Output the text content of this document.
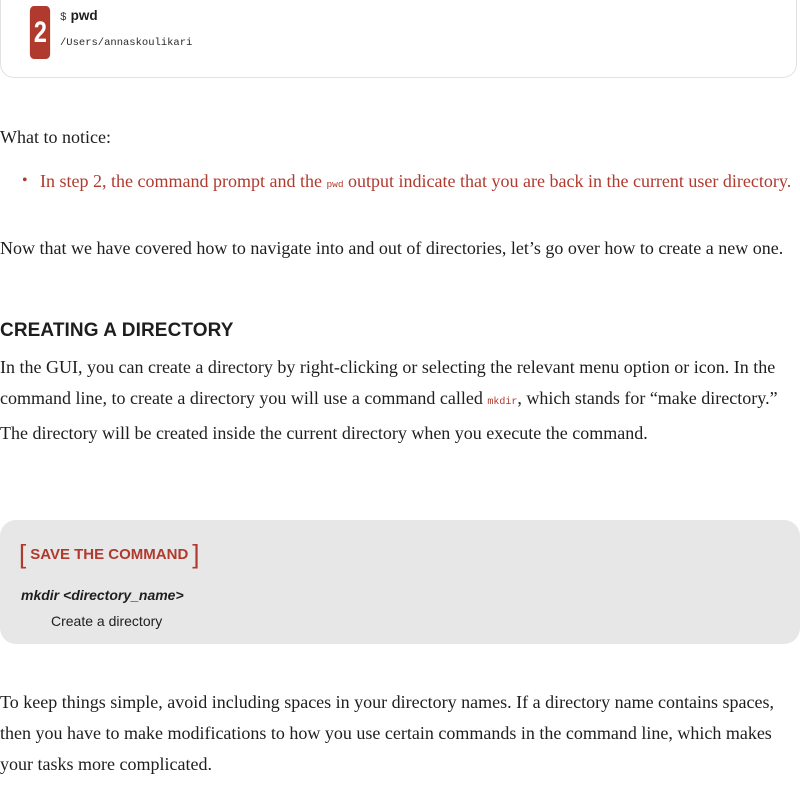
2	$ pwd
/Users/annaskoulikari

What to notice:

• In step 2, the command prompt and the pwd output indicate that you are back in the current user directory.

Now that we have covered how to navigate into and out of directories, let’s go over how to create a new one.

CREATING A DIRECTORY

In the GUI, you can create a directory by right-clicking or selecting the relevant menu option or icon. In the command line, to create a directory you will use a command called mkdir, which stands for “make directory.” The directory will be created inside the current directory when you execute the command.

[ SAVE THE COMMAND ]
mkdir <directory_name>
Create a directory

To keep things simple, avoid including spaces in your directory names. If a directory name contains spaces, then you have to make modifications to how you use certain commands in the command line, which makes your tasks more complicated.
